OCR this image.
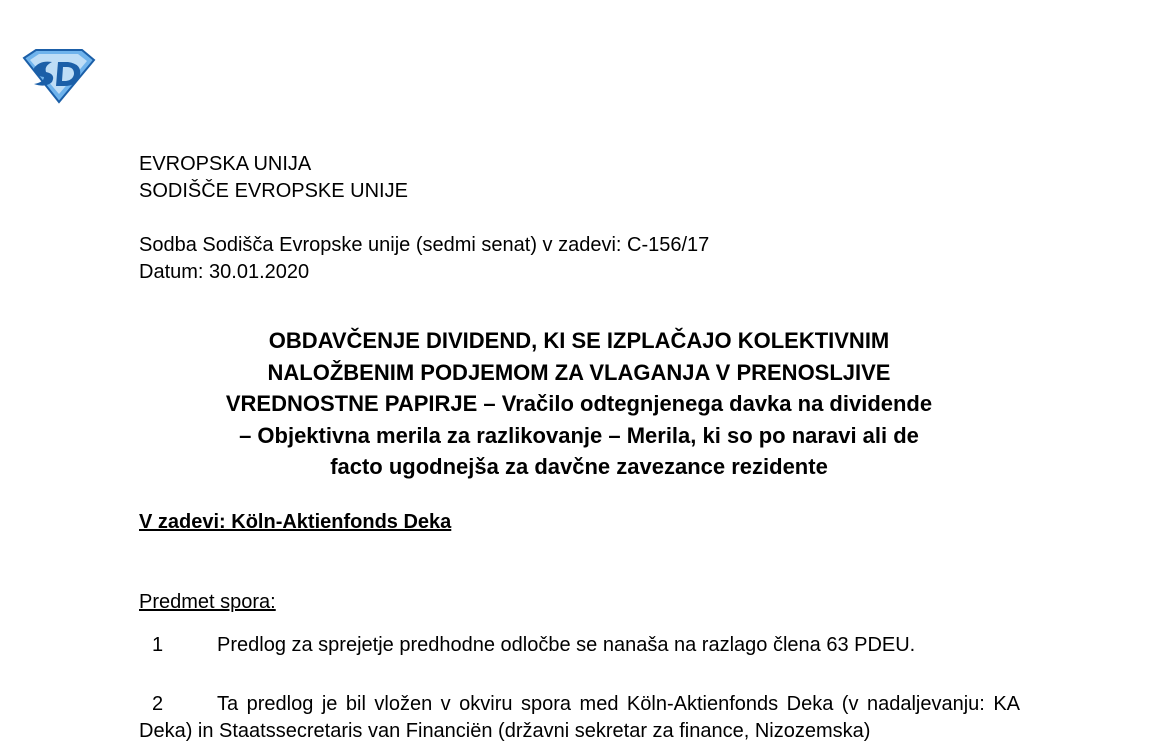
EVROPSKA UNIJA
SODIŠČE EVROPSKE UNIJE
Sodba Sodišča Evropske unije (sedmi senat) v zadevi: C-156/17
Datum: 30.01.2020
OBDAVČENJE DIVIDEND, KI SE IZPLAČAJO KOLEKTIVNIM
NALOŽBENIM PODJEMOM ZA VLAGANJA V PRENOSLJIVE
VREDNOSTNE PAPIRJE – Vračilo odtegnjenega davka na dividende
– Objektivna merila za razlikovanje – Merila, ki so po naravi ali de
facto ugodnejša za davčne zavezance rezidente
V zadevi: Köln-Aktienfonds Deka
Predmet spora:
1	Predlog za sprejetje predhodne odločbe se nanaša na razlago člena 63 PDEU.
2	Ta predlog je bil vložen v okviru spora med Köln-Aktienfonds Deka (v nadaljevanju: KA Deka) in Staatssecretaris van Financiën (državni sekretar za finance, Nizozemska)
